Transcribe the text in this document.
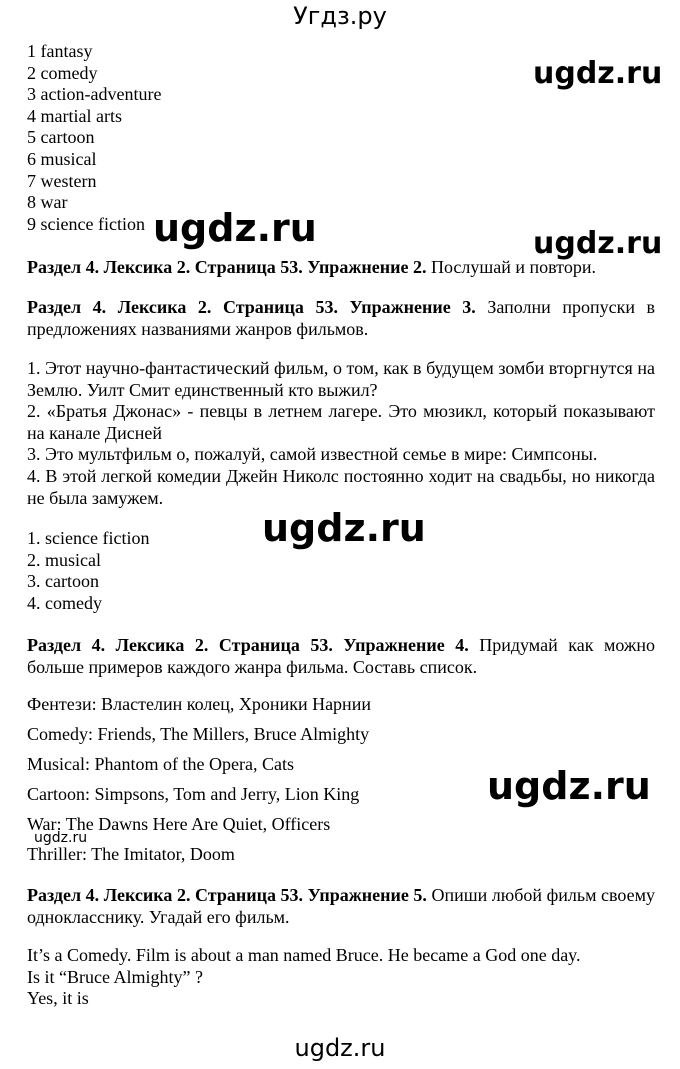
Угдз.ру
1 fantasy
2 comedy
3 action-adventure
4 martial arts
5 cartoon
6 musical
7 western
8 war
9 science fiction
ugdz.ru
ugdz.ru	ugdz.ru
ugdz.ru
ugdz.ru
ugdz.ru
Раздел 4. Лексика 2. Страница 53. Упражнение 2. Послушай и повтори.
Раздел 4. Лексика 2. Страница 53. Упражнение 3. Заполни пропуски в предложениях названиями жанров фильмов.
1. Этот научно-фантастический фильм, о том, как в будущем зомби вторгнутся на Землю. Уилт Смит единственный кто выжил?
2. «Братья Джонас» - певцы в летнем лагере. Это мюзикл, который показывают на канале Дисней
3. Это мультфильм о, пожалуй, самой известной семье в мире: Симпсоны.
4. В этой легкой комедии Джейн Николс постоянно ходит на свадьбы, но никогда не была замужем.
1. science fiction
2. musical
3. cartoon
4. comedy
Раздел 4. Лексика 2. Страница 53. Упражнение 4. Придумай как можно больше примеров каждого жанра фильма. Составь список.
Фентези: Властелин колец, Хроники Нарнии
Comedy: Friends, The Millers, Bruce Almighty
Musical: Phantom of the Opera, Cats
Cartoon: Simpsons, Tom and Jerry, Lion King
War: The Dawns Here Are Quiet, Officers
Thriller: The Imitator, Doom
Раздел 4. Лексика 2. Страница 53. Упражнение 5. Опиши любой фильм своему однокласснику. Угадай его фильм.
It’s a Comedy. Film is about a man named Bruce. He became a God one day.
Is it “Bruce Almighty” ?
Yes, it is
ugdz.ru
